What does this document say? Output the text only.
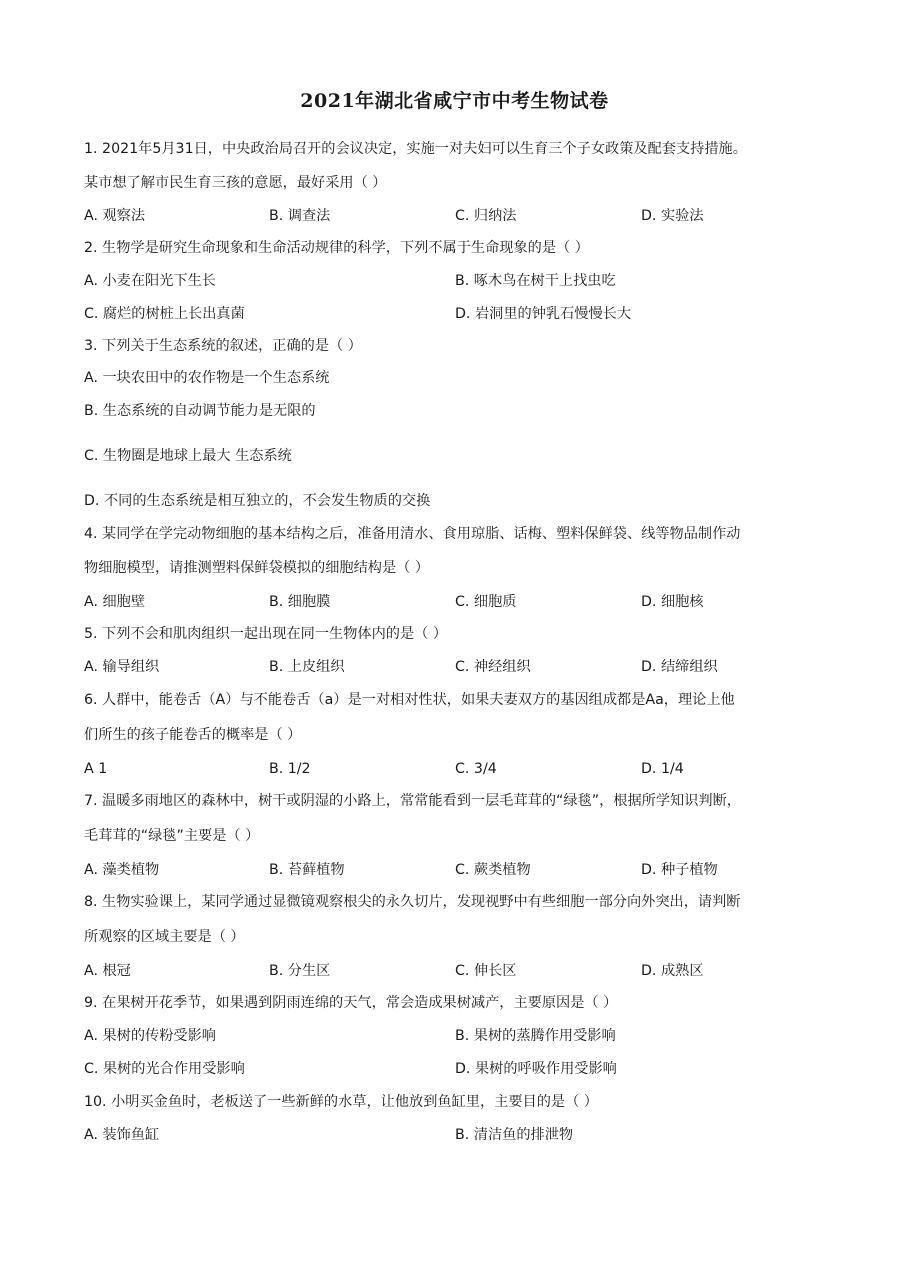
2021年湖北省咸宁市中考生物试卷
1. 2021年5月31日，中央政治局召开的会议决定，实施一对夫妇可以生育三个子女政策及配套支持措施。
某市想了解市民生育三孩的意愿，最好采用（ ）
A. 观察法	B. 调查法	C. 归纳法	D. 实验法
2. 生物学是研究生命现象和生命活动规律的科学，下列不属于生命现象的是（ ）
A. 小麦在阳光下生长	B. 啄木鸟在树干上找虫吃
C. 腐烂的树桩上长出真菌	D. 岩洞里的钟乳石慢慢长大
3. 下列关于生态系统的叙述，正确的是（ ）
A. 一块农田中的农作物是一个生态系统
B. 生态系统的自动调节能力是无限的
C. 生物圈是地球上最大 生态系统
D. 不同的生态系统是相互独立的，不会发生物质的交换
4. 某同学在学完动物细胞的基本结构之后，准备用清水、食用琼脂、话梅、塑料保鲜袋、线等物品制作动
物细胞模型，请推测塑料保鲜袋模拟的细胞结构是（ ）
A. 细胞壁	B. 细胞膜	C. 细胞质	D. 细胞核
5. 下列不会和肌肉组织一起出现在同一生物体内的是（ ）
A. 输导组织	B. 上皮组织	C. 神经组织	D. 结缔组织
6. 人群中，能卷舌（A）与不能卷舌（a）是一对相对性状，如果夫妻双方的基因组成都是Aa，理论上他
们所生的孩子能卷舌的概率是（ ）
A 1	B. 1/2	C. 3/4	D. 1/4
7. 温暖多雨地区的森林中，树干或阴湿的小路上，常常能看到一层毛茸茸的“绿毯”，根据所学知识判断，
毛茸茸的“绿毯”主要是（ ）
A. 藻类植物	B. 苔藓植物	C. 蕨类植物	D. 种子植物
8. 生物实验课上，某同学通过显微镜观察根尖的永久切片，发现视野中有些细胞一部分向外突出，请判断
所观察的区域主要是（ ）
A. 根冠	B. 分生区	C. 伸长区	D. 成熟区
9. 在果树开花季节，如果遇到阴雨连绵的天气，常会造成果树减产，主要原因是（ ）
A. 果树的传粉受影响	B. 果树的蒸腾作用受影响
C. 果树的光合作用受影响	D. 果树的呼吸作用受影响
10. 小明买金鱼时，老板送了一些新鲜的水草，让他放到鱼缸里，主要目的是（ ）
A. 装饰鱼缸	B. 清洁鱼的排泄物
